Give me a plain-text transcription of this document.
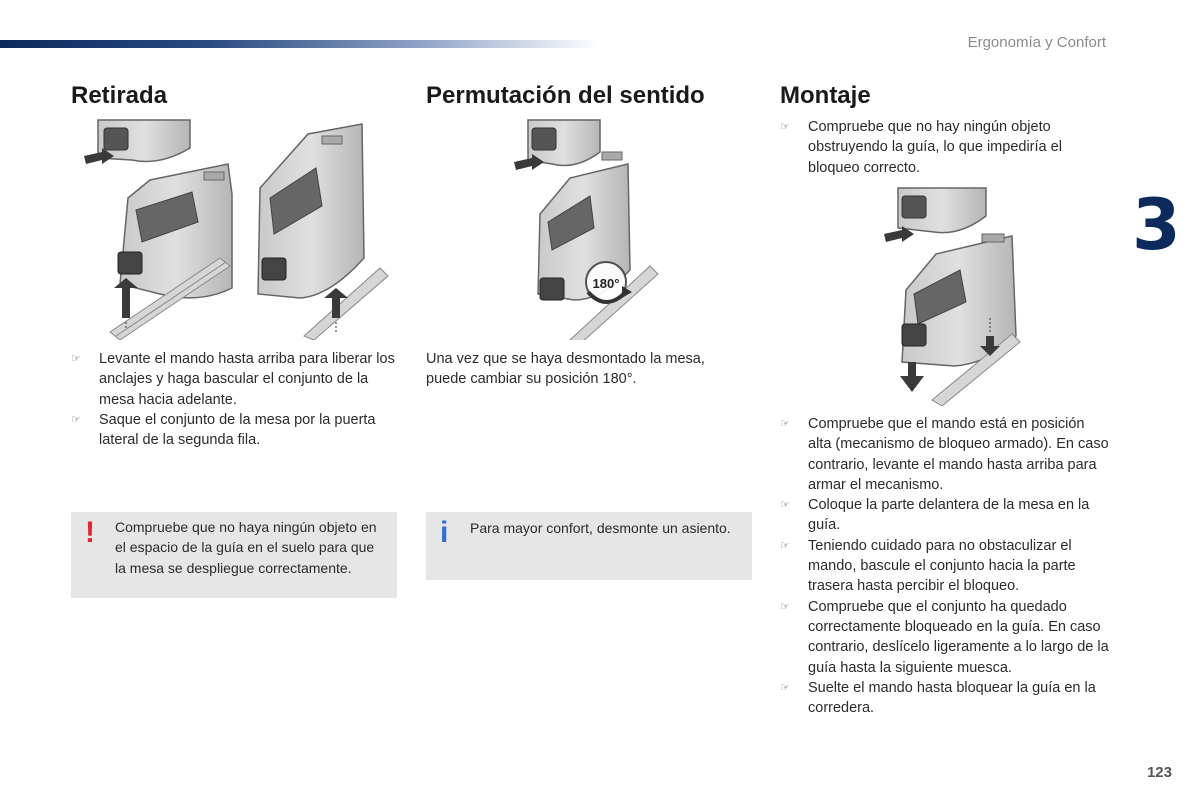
Ergonomía y Confort
3
Retirada
☞ Levante el mando hasta arriba para liberar los anclajes y haga bascular el conjunto de la mesa hacia adelante.
☞ Saque el conjunto de la mesa por la puerta lateral de la segunda fila.
! Compruebe que no haya ningún objeto en el espacio de la guía en el suelo para que la mesa se despliegue correctamente.
Permutación del sentido
180°
Una vez que se haya desmontado la mesa, puede cambiar su posición 180°.
i Para mayor confort, desmonte un asiento.
Montaje
☞ Compruebe que no hay ningún objeto obstruyendo la guía, lo que impediría el bloqueo correcto.
☞ Compruebe que el mando está en posición alta (mecanismo de bloqueo armado). En caso contrario, levante el mando hasta arriba para armar el mecanismo.
☞ Coloque la parte delantera de la mesa en la guía.
☞ Teniendo cuidado para no obstaculizar el mando, bascule el conjunto hacia la parte trasera hasta percibir el bloqueo.
☞ Compruebe que el conjunto ha quedado correctamente bloqueado en la guía. En caso contrario, deslícelo ligeramente a lo largo de la guía hasta la siguiente muesca.
☞ Suelte el mando hasta bloquear la guía en la corredera.
123
